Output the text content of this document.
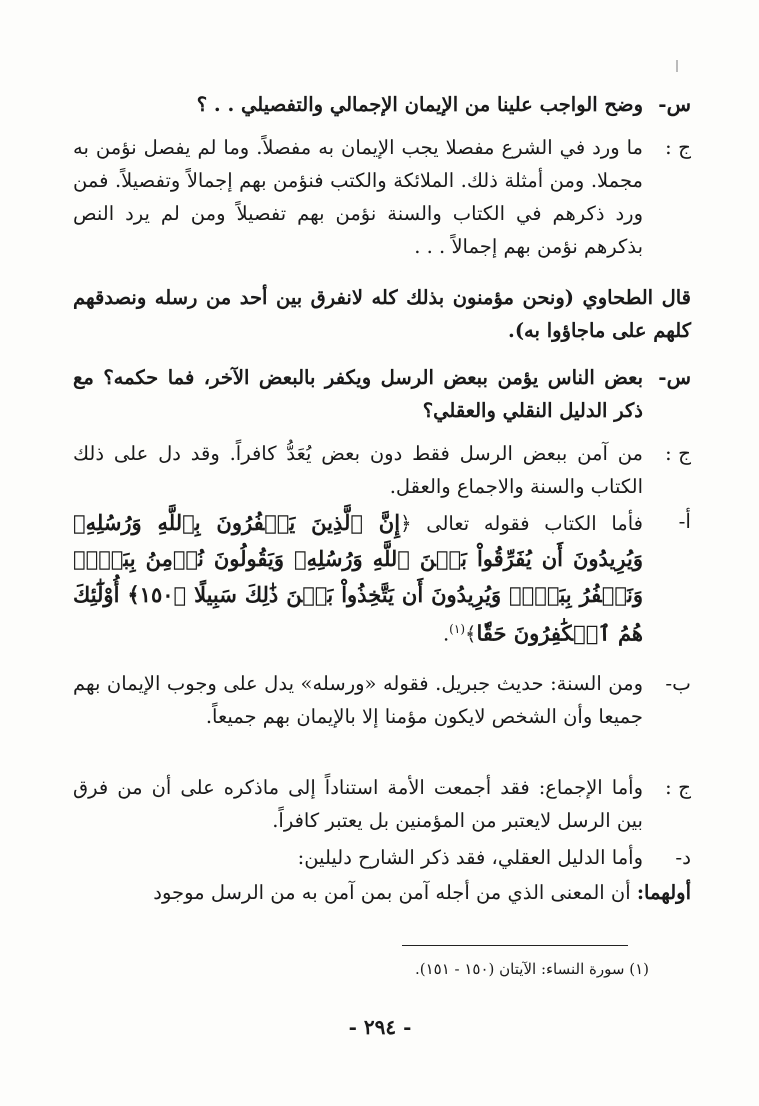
س-
وضح الواجب علينا من الإيمان الإجمالي والتفصيلي . . ؟
ج :
ما ورد في الشرع مفصلا يجب الإيمان به مفصلاً. وما لم يفصل نؤمن به مجملا. ومن أمثلة ذلك. الملائكة والكتب فنؤمن بهم إجمالاً وتفصيلاً. فمن ورد ذكرهم في الكتاب والسنة نؤمن بهم تفصيلاً ومن لم يرد النص بذكرهم نؤمن بهم إجمالاً . . .
قال الطحاوي (ونحن مؤمنون بذلك كله لانفرق بين أحد من رسله ونصدقهم كلهم على ماجاؤوا به).
س-
بعض الناس يؤمن ببعض الرسل ويكفر بالبعض الآخر، فما حكمه؟ مع ذكر الدليل النقلي والعقلي؟
ج :
من آمن ببعض الرسل فقط دون بعض يُعَدُّ كافراً. وقد دل على ذلك الكتاب والسنة والاجماع والعقل.
أ-
فأما الكتاب فقوله تعالى ﴿إِنَّ ٱلَّذِينَ يَكۡفُرُونَ بِٱللَّهِ وَرُسُلِهِۦ وَيُرِيدُونَ أَن يُفَرِّقُواْ بَيۡنَ ٱللَّهِ وَرُسُلِهِۦ وَيَقُولُونَ نُؤۡمِنُ بِبَعۡضٖ وَنَكۡفُرُ بِبَعۡضٖ وَيُرِيدُونَ أَن يَتَّخِذُواْ بَيۡنَ ذَٰلِكَ سَبِيلًا ﴿١٥٠﴾ أُوْلَٰٓئِكَ هُمُ ٱلۡكَٰفِرُونَ حَقّٗا﴾$^{(١)}$.
ب-
ومن السنة: حديث جبريل. فقوله «ورسله» يدل على وجوب الإيمان بهم جميعا وأن الشخص لايكون مؤمنا إلا بالإيمان بهم جميعاً.
ج :
وأما الإجماع: فقد أجمعت الأمة استناداً إلى ماذكره على أن من فرق بين الرسل لايعتبر من المؤمنين بل يعتبر كافراً.
د-
وأما الدليل العقلي، فقد ذكر الشارح دليلين:
أولهما: أن المعنى الذي من أجله آمن بمن آمن به من الرسل موجود
(١) سورة النساء: الآيتان (١٥٠ - ١٥١).
- ٢٩٤ -
